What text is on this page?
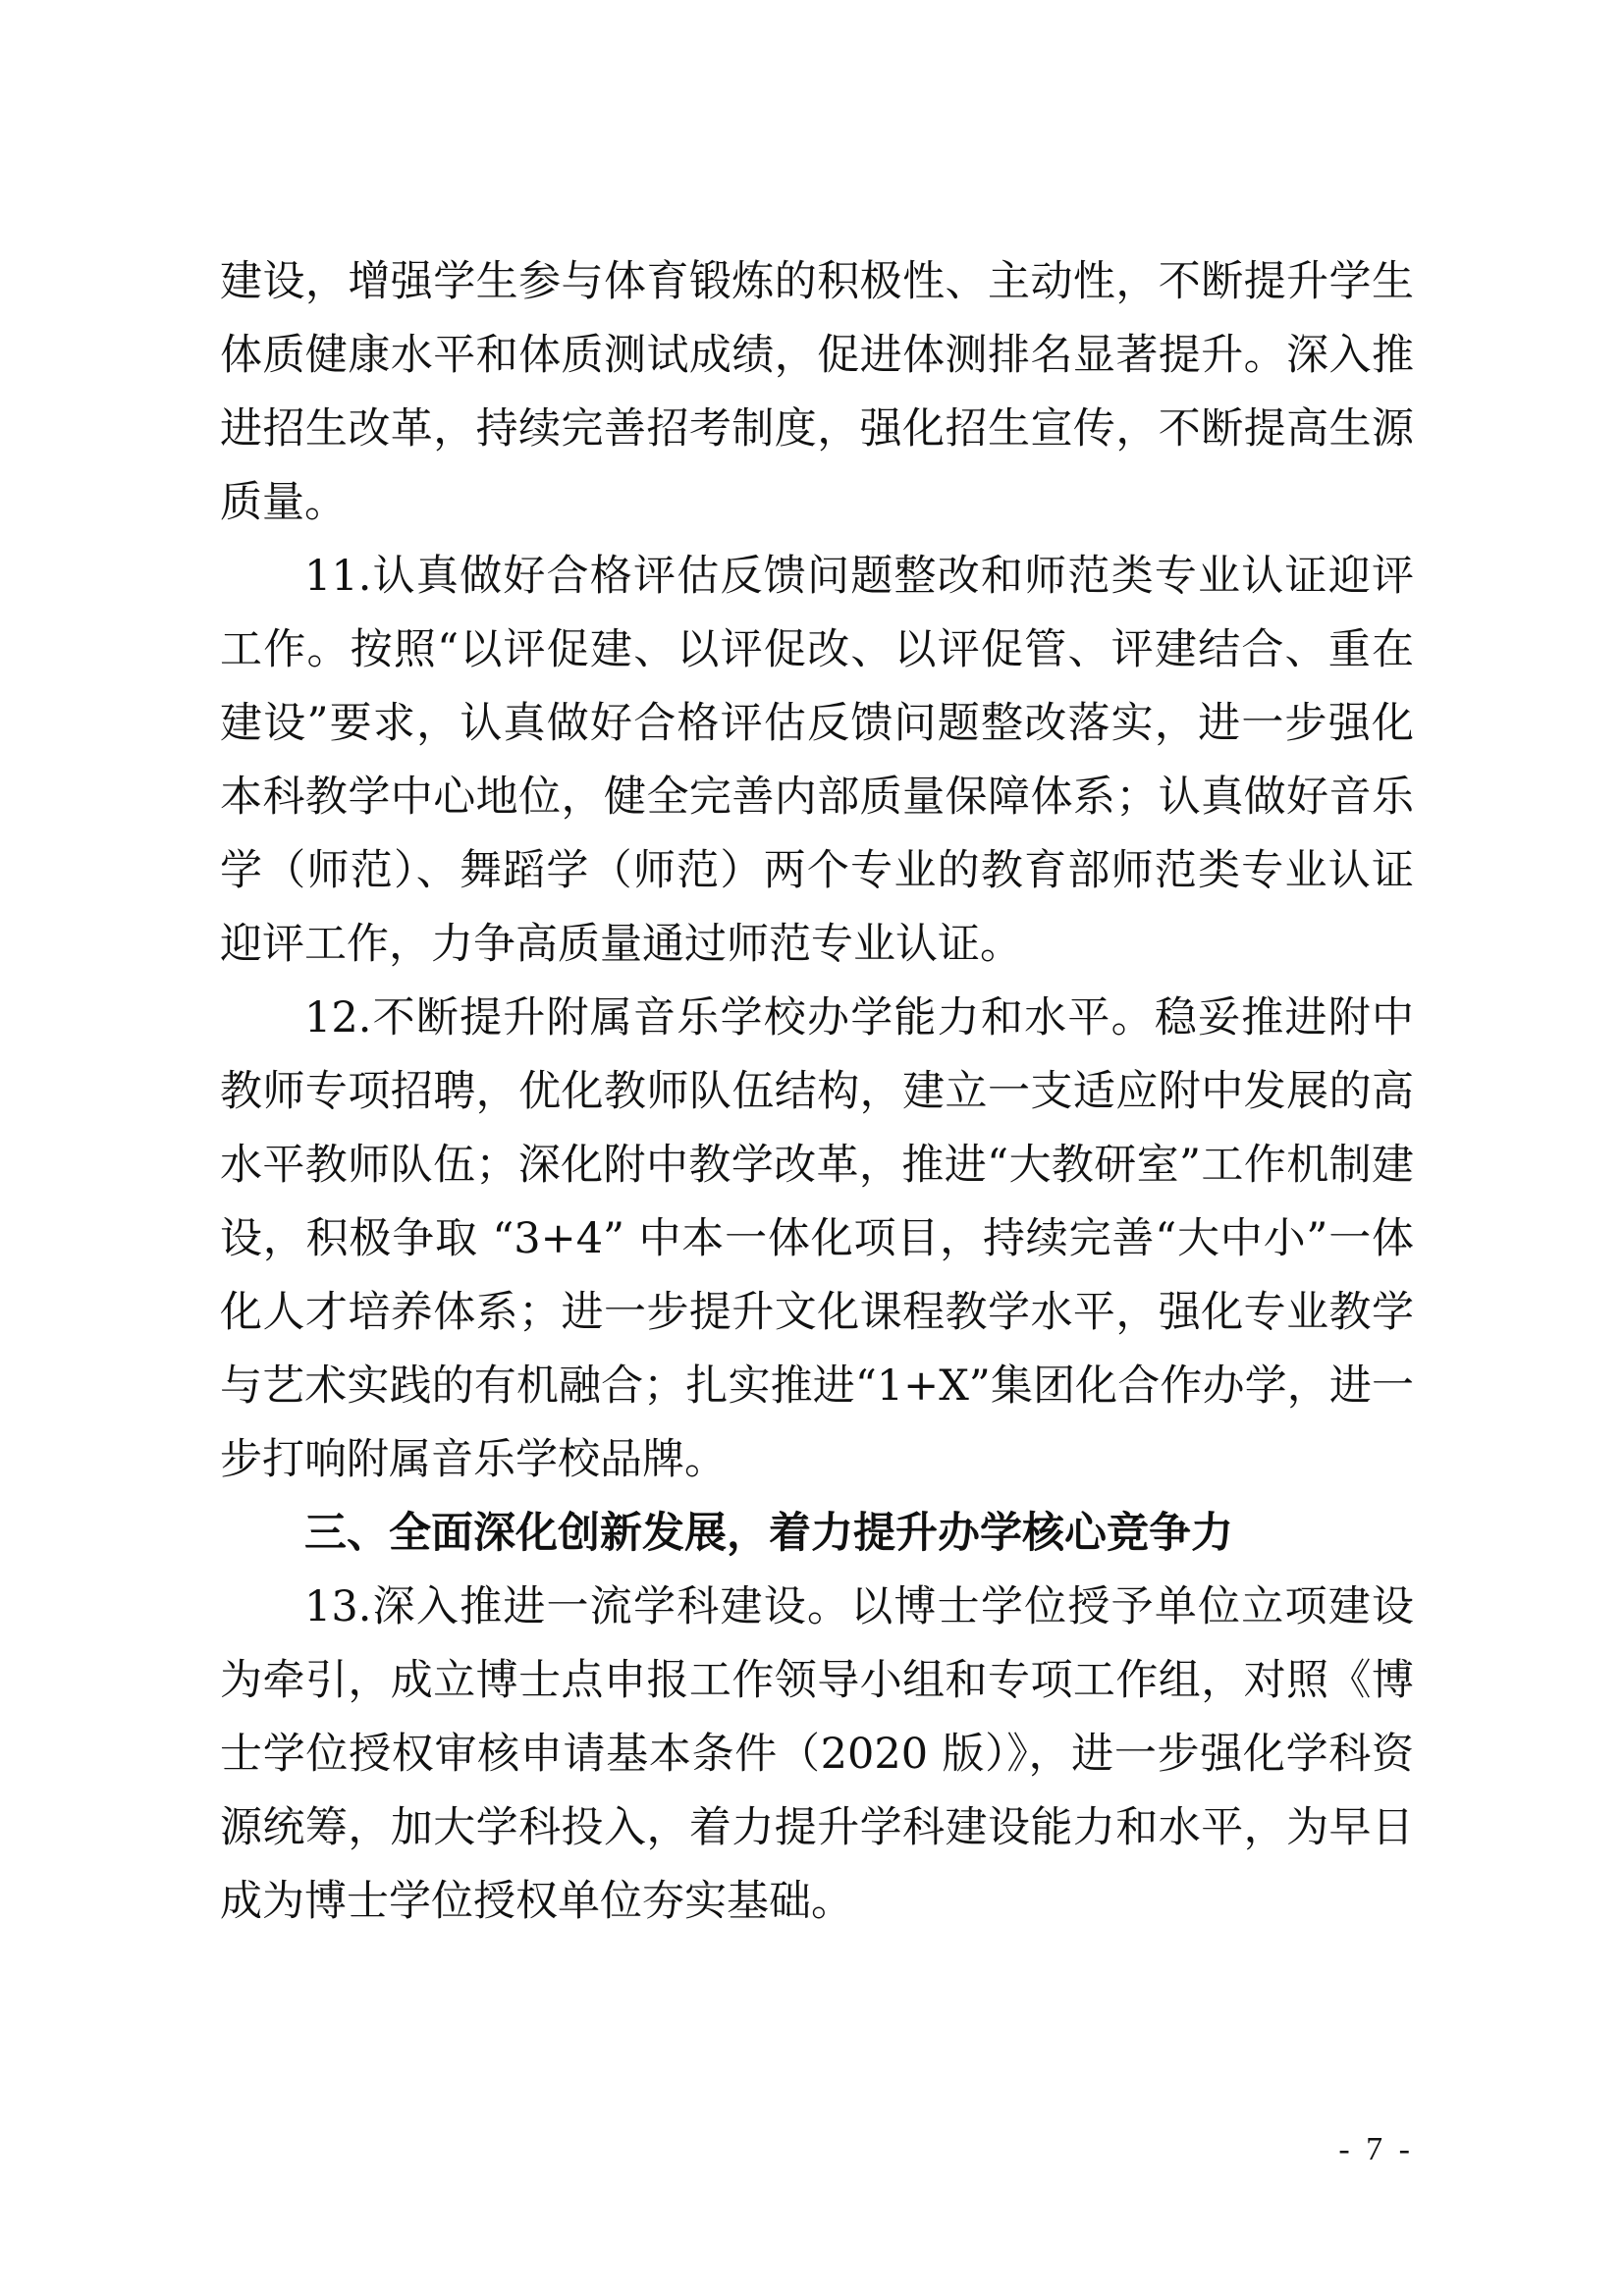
建设，增强学生参与体育锻炼的积极性、主动性，不断提升学生体质健康水平和体质测试成绩，促进体测排名显著提升。深入推进招生改革，持续完善招考制度，强化招生宣传，不断提高生源质量。

11.认真做好合格评估反馈问题整改和师范类专业认证迎评工作。按照“以评促建、以评促改、以评促管、评建结合、重在建设”要求，认真做好合格评估反馈问题整改落实，进一步强化本科教学中心地位，健全完善内部质量保障体系；认真做好音乐学（师范）、舞蹈学（师范）两个专业的教育部师范类专业认证迎评工作，力争高质量通过师范专业认证。

12.不断提升附属音乐学校办学能力和水平。稳妥推进附中教师专项招聘，优化教师队伍结构，建立一支适应附中发展的高水平教师队伍；深化附中教学改革，推进“大教研室”工作机制建设，积极争取 “3+4” 中本一体化项目，持续完善“大中小”一体化人才培养体系；进一步提升文化课程教学水平，强化专业教学与艺术实践的有机融合；扎实推进“1+X”集团化合作办学，进一步打响附属音乐学校品牌。

三、全面深化创新发展，着力提升办学核心竞争力

13.深入推进一流学科建设。以博士学位授予单位立项建设为牵引，成立博士点申报工作领导小组和专项工作组，对照《博士学位授权审核申请基本条件（2020 版）》，进一步强化学科资源统筹，加大学科投入，着力提升学科建设能力和水平，为早日成为博士学位授权单位夯实基础。

- 7 -
